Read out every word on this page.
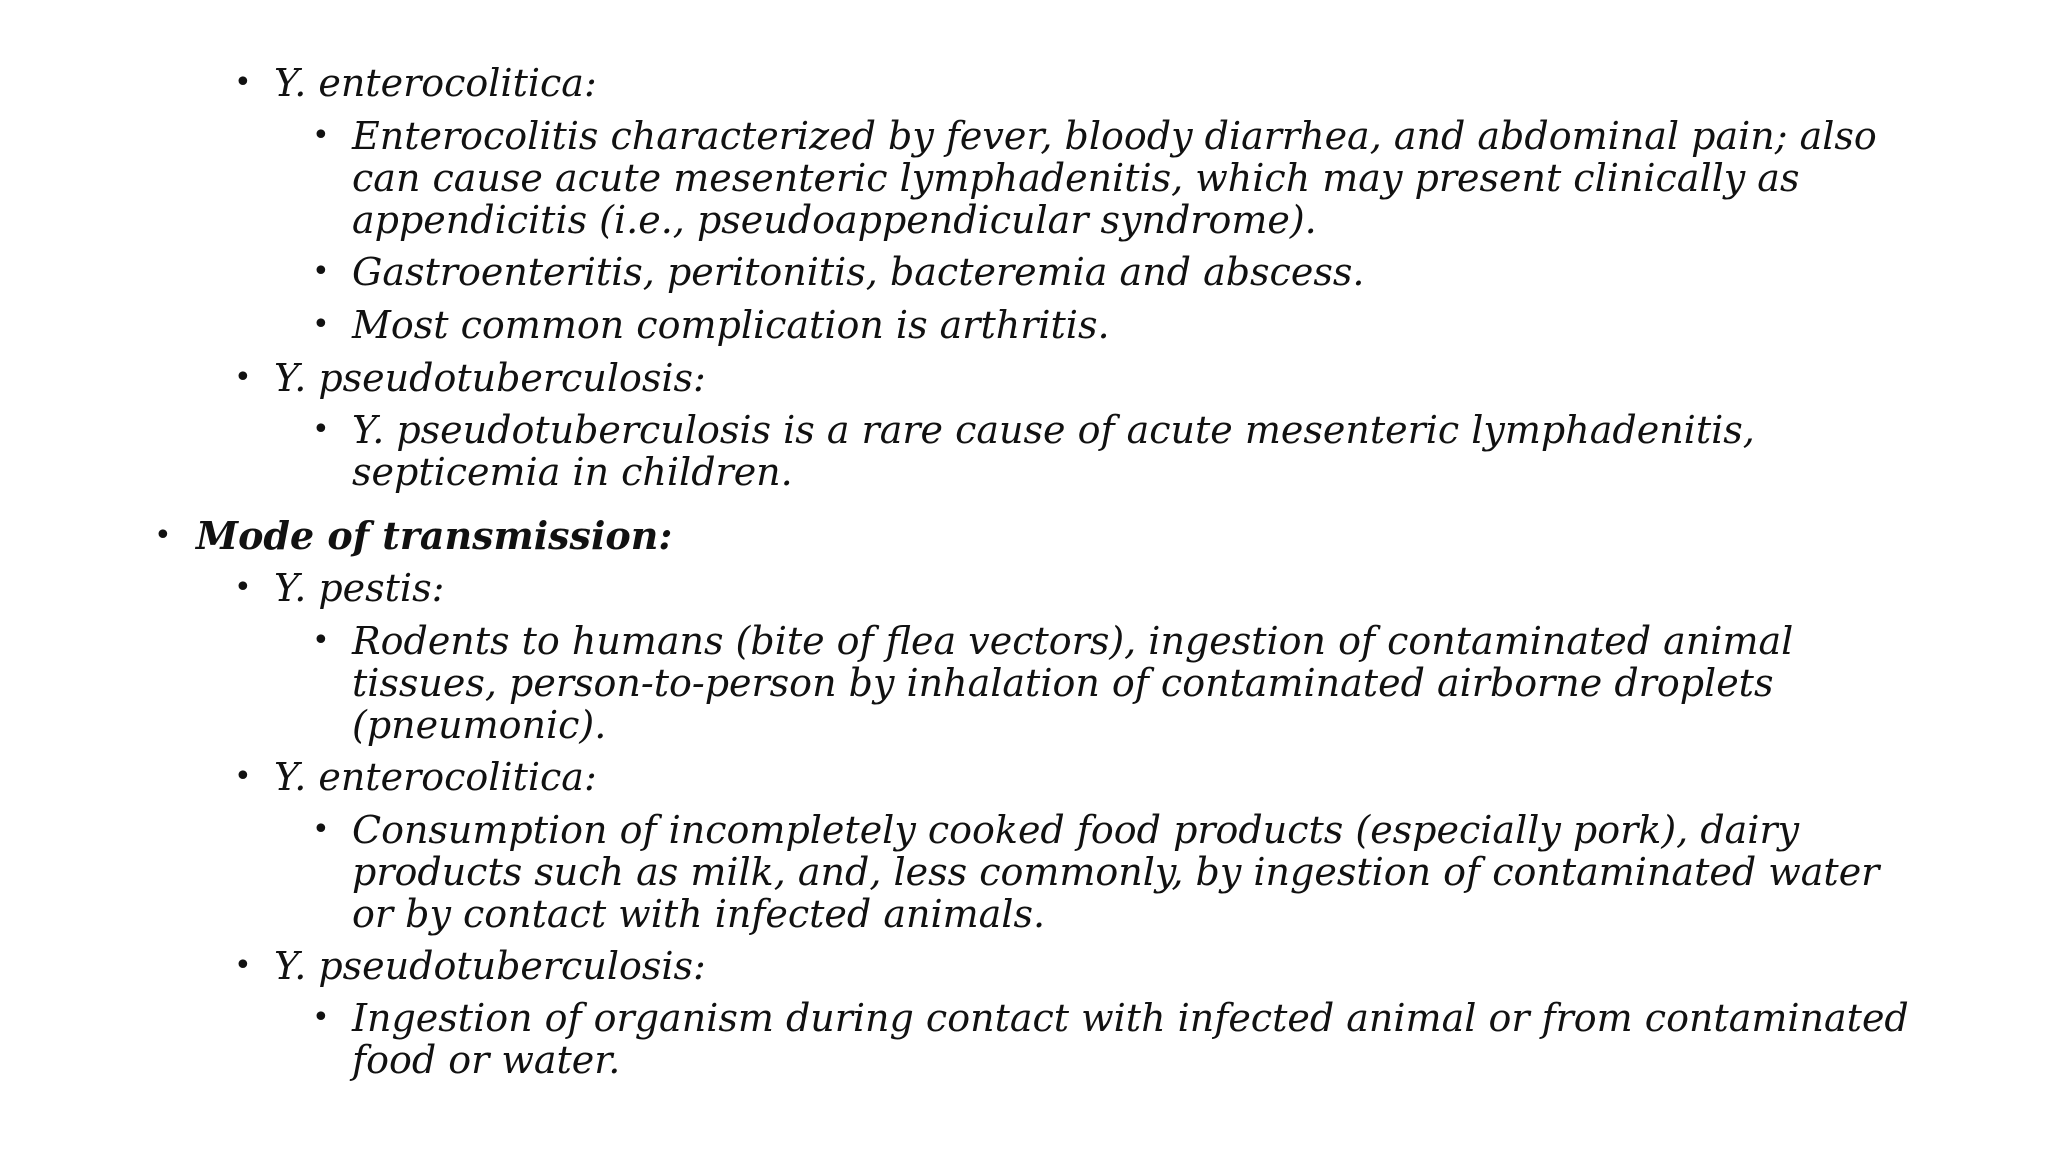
• Y. enterocolitica:
• Enterocolitis characterized by fever, bloody diarrhea, and abdominal pain; also
can cause acute mesenteric lymphadenitis, which may present clinically as
appendicitis (i.e., pseudoappendicular syndrome).
• Gastroenteritis, peritonitis, bacteremia and abscess.
• Most common complication is arthritis.
• Y. pseudotuberculosis:
• Y. pseudotuberculosis is a rare cause of acute mesenteric lymphadenitis,
septicemia in children.
• Mode of transmission:
• Y. pestis:
• Rodents to humans (bite of flea vectors), ingestion of contaminated animal
tissues, person-to-person by inhalation of contaminated airborne droplets
(pneumonic).
• Y. enterocolitica:
• Consumption of incompletely cooked food products (especially pork), dairy
products such as milk, and, less commonly, by ingestion of contaminated water
or by contact with infected animals.
• Y. pseudotuberculosis:
• Ingestion of organism during contact with infected animal or from contaminated
food or water.
